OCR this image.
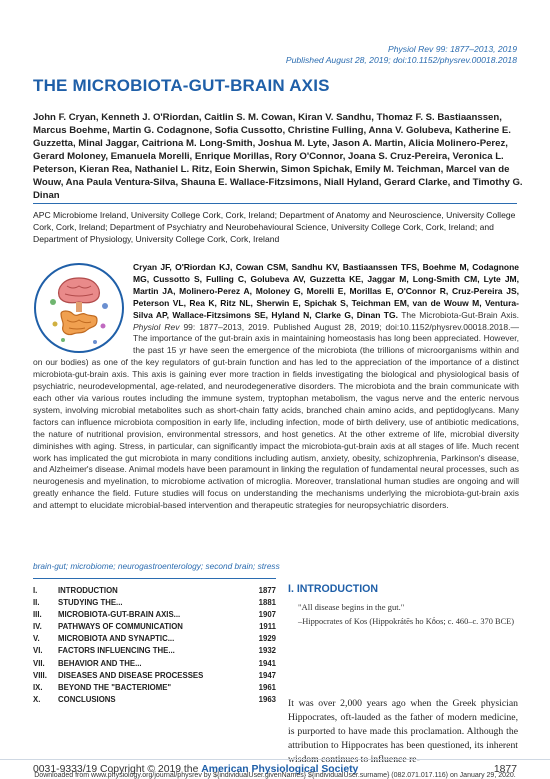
Physiol Rev 99: 1877–2013, 2019
Published August 28, 2019; doi:10.1152/physrev.00018.2018
THE MICROBIOTA-GUT-BRAIN AXIS

John F. Cryan, Kenneth J. O'Riordan, Caitlin S. M. Cowan, Kiran V. Sandhu, Thomaz F. S. Bastiaanssen, Marcus Boehme, Martin G. Codagnone, Sofia Cussotto, Christine Fulling, Anna V. Golubeva, Katherine E. Guzzetta, Minal Jaggar, Caitriona M. Long-Smith, Joshua M. Lyte, Jason A. Martin, Alicia Molinero-Perez, Gerard Moloney, Emanuela Morelli, Enrique Morillas, Rory O'Connor, Joana S. Cruz-Pereira, Veronica L. Peterson, Kieran Rea, Nathaniel L. Ritz, Eoin Sherwin, Simon Spichak, Emily M. Teichman, Marcel van de Wouw, Ana Paula Ventura-Silva, Shauna E. Wallace-Fitzsimons, Niall Hyland, Gerard Clarke, and Timothy G. Dinan

APC Microbiome Ireland, University College Cork, Cork, Ireland; Department of Anatomy and Neuroscience, University College Cork, Cork, Ireland; Department of Psychiatry and Neurobehavioural Science, University College Cork, Cork, Ireland; and Department of Physiology, University College Cork, Cork, Ireland

Cryan JF, O'Riordan KJ, Cowan CSM, Sandhu KV, Bastiaanssen TFS, Boehme M, Codagnone MG, Cussotto S, Fulling C, Golubeva AV, Guzzetta KE, Jaggar M, Long-Smith CM, Lyte JM, Martin JA, Molinero-Perez A, Moloney G, Morelli E, Morillas E, O'Connor R, Cruz-Pereira JS, Peterson VL, Rea K, Ritz NL, Sherwin E, Spichak S, Teichman EM, van de Wouw M, Ventura-Silva AP, Wallace-Fitzsimons SE, Hyland N, Clarke G, Dinan TG. The Microbiota-Gut-Brain Axis. Physiol Rev 99: 1877–2013, 2019. Published August 28, 2019; doi:10.1152/physrev.00018.2018.—The importance of the gut-brain axis in maintaining homeostasis has long been appreciated. However, the past 15 yr have seen the emergence of the microbiota (the trillions of microorganisms within and on our bodies) as one of the key regulators of gut-brain function and has led to the appreciation of the importance of a distinct microbiota-gut-brain axis. This axis is gaining ever more traction in fields investigating the biological and physiological basis of psychiatric, neurodevelopmental, age-related, and neurodegenerative disorders. The microbiota and the brain communicate with each other via various routes including the immune system, tryptophan metabolism, the vagus nerve and the enteric nervous system, involving microbial metabolites such as short-chain fatty acids, branched chain amino acids, and peptidoglycans. Many factors can influence microbiota composition in early life, including infection, mode of birth delivery, use of antibiotic medications, the nature of nutritional provision, environmental stressors, and host genetics. At the other extreme of life, microbial diversity diminishes with aging. Stress, in particular, can significantly impact the microbiota-gut-brain axis at all stages of life. Much recent work has implicated the gut microbiota in many conditions including autism, anxiety, obesity, schizophrenia, Parkinson's disease, and Alzheimer's disease. Animal models have been paramount in linking the regulation of fundamental neural processes, such as neurogenesis and myelination, to microbiome activation of microglia. Moreover, translational human studies are ongoing and will greatly enhance the field. Future studies will focus on understanding the mechanisms underlying the microbiota-gut-brain axis and attempt to elucidate microbial-based intervention and therapeutic strategies for neuropsychiatric disorders.

brain-gut; microbiome; neurogastroenterology; second brain; stress
I.	INTRODUCTION	1877
II.	STUDYING THE...	1881
III.	MICROBIOTA-GUT-BRAIN AXIS...	1907
IV.	PATHWAYS OF COMMUNICATION	1911
V.	MICROBIOTA AND SYNAPTIC...	1929
VI.	FACTORS INFLUENCING THE...	1932
VII.	BEHAVIOR AND THE...	1941
VIII.	DISEASES AND DISEASE PROCESSES	1947
IX.	BEYOND THE "BACTERIOME"	1961
X.	CONCLUSIONS	1963
I. INTRODUCTION

"All disease begins in the gut."

–Hippocrates of Kos (Hippokrátēs ho Kṓos; c. 460–c. 370 BCE)

It was over 2,000 years ago when the Greek physician Hippocrates, oft-lauded as the father of modern medicine, is purported to have made this proclamation. Although the attribution to Hippocrates has been questioned, its inherent wisdom continues to influence re-

0031-9333/19 Copyright © 2019 the American Physiological Society	1877
Downloaded from www.physiology.org/journal/physrev by ${individualUser.givenNames} ${individualUser.surname} (082.071.017.116) on January 29, 2020.
